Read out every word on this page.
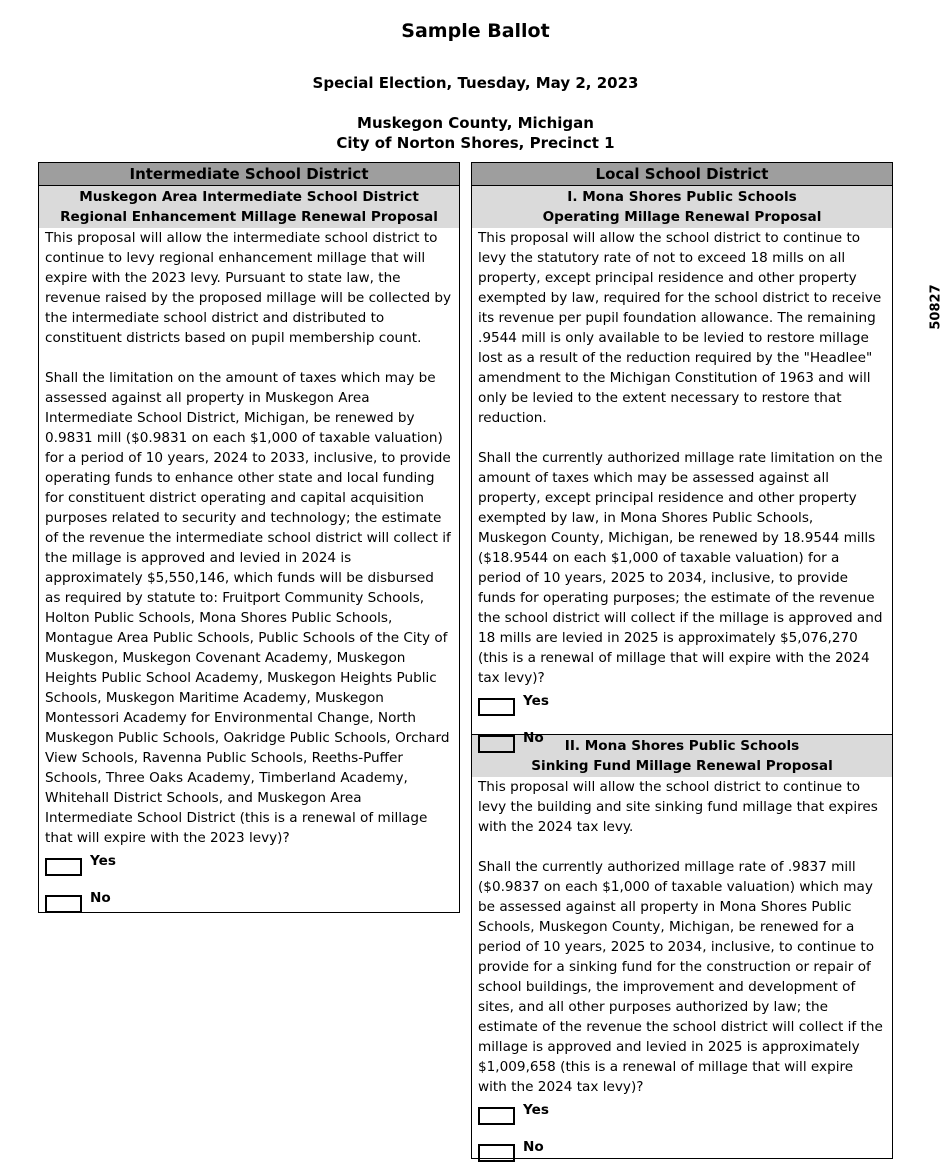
Sample Ballot
Special Election, Tuesday, May 2, 2023
Muskegon County, Michigan
City of Norton Shores, Precinct 1
50827
Intermediate School District
Muskegon Area Intermediate School District
Regional Enhancement Millage Renewal Proposal

This proposal will allow the intermediate school district to continue to levy regional enhancement millage that will expire with the 2023 levy. Pursuant to state law, the revenue raised by the proposed millage will be collected by the intermediate school district and distributed to constituent districts based on pupil membership count.

Shall the limitation on the amount of taxes which may be assessed against all property in Muskegon Area Intermediate School District, Michigan, be renewed by 0.9831 mill ($0.9831 on each $1,000 of taxable valuation) for a period of 10 years, 2024 to 2033, inclusive, to provide operating funds to enhance other state and local funding for constituent district operating and capital acquisition purposes related to security and technology; the estimate of the revenue the intermediate school district will collect if the millage is approved and levied in 2024 is approximately $5,550,146, which funds will be disbursed as required by statute to: Fruitport Community Schools, Holton Public Schools, Mona Shores Public Schools, Montague Area Public Schools, Public Schools of the City of Muskegon, Muskegon Covenant Academy, Muskegon Heights Public School Academy, Muskegon Heights Public Schools, Muskegon Maritime Academy, Muskegon Montessori Academy for Environmental Change, North Muskegon Public Schools, Oakridge Public Schools, Orchard View Schools, Ravenna Public Schools, Reeths-Puffer Schools, Three Oaks Academy, Timberland Academy, Whitehall District Schools, and Muskegon Area Intermediate School District (this is a renewal of millage that will expire with the 2023 levy)?

Yes
No
Local School District
I. Mona Shores Public Schools
Operating Millage Renewal Proposal

This proposal will allow the school district to continue to levy the statutory rate of not to exceed 18 mills on all property, except principal residence and other property exempted by law, required for the school district to receive its revenue per pupil foundation allowance. The remaining .9544 mill is only available to be levied to restore millage lost as a result of the reduction required by the "Headlee" amendment to the Michigan Constitution of 1963 and will only be levied to the extent necessary to restore that reduction.

Shall the currently authorized millage rate limitation on the amount of taxes which may be assessed against all property, except principal residence and other property exempted by law, in Mona Shores Public Schools, Muskegon County, Michigan, be renewed by 18.9544 mills ($18.9544 on each $1,000 of taxable valuation) for a period of 10 years, 2025 to 2034, inclusive, to provide funds for operating purposes; the estimate of the revenue the school district will collect if the millage is approved and 18 mills are levied in 2025 is approximately $5,076,270 (this is a renewal of millage that will expire with the 2024 tax levy)?

Yes
No	II. Mona Shores Public Schools
Sinking Fund Millage Renewal Proposal

This proposal will allow the school district to continue to levy the building and site sinking fund millage that expires with the 2024 tax levy.

Shall the currently authorized millage rate of .9837 mill ($0.9837 on each $1,000 of taxable valuation) which may be assessed against all property in Mona Shores Public Schools, Muskegon County, Michigan, be renewed for a period of 10 years, 2025 to 2034, inclusive, to continue to provide for a sinking fund for the construction or repair of school buildings, the improvement and development of sites, and all other purposes authorized by law; the estimate of the revenue the school district will collect if the millage is approved and levied in 2025 is approximately $1,009,658 (this is a renewal of millage that will expire with the 2024 tax levy)?

Yes
No
